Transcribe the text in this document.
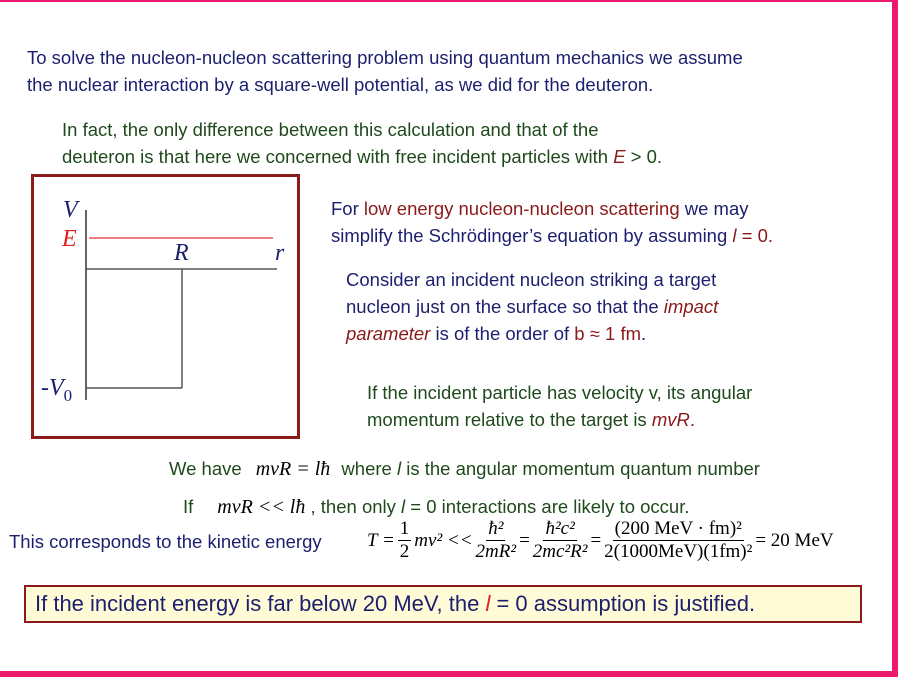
To solve the nucleon-nucleon scattering problem using quantum mechanics we assume
the nuclear interaction by a square-well potential, as we did for the deuteron.
In fact, the only difference between this calculation and that of the
deuteron is that here we concerned with free incident particles with E > 0.
V
E
R	r
$-V_0$
For low energy nucleon-nucleon scattering we may
simplify the Schrödinger’s equation by assuming l = 0.
Consider an incident nucleon striking a target
nucleon just on the surface so that the impact
parameter is of the order of b ≈ 1 fm.
If the incident particle has velocity v, its angular
momentum relative to the target is mvR.
We have mvR = lħ where l is the angular momentum quantum number
If mvR << lħ , then only l = 0 interactions are likely to occur.
This corresponds to the kinetic energy $T = \frac{1}{2} mv^2 << \frac{\text{ħ²}}{\text{2mR²}} = \frac{\text{ħ²c²}}{\text{2mc²R²}} = \frac{\text{(200 MeV · fm)²}}{\text{2(1000MeV)(1fm)²}} = 20$ MeV
If the incident energy is far below 20 MeV, the l = 0 assumption is justified.
